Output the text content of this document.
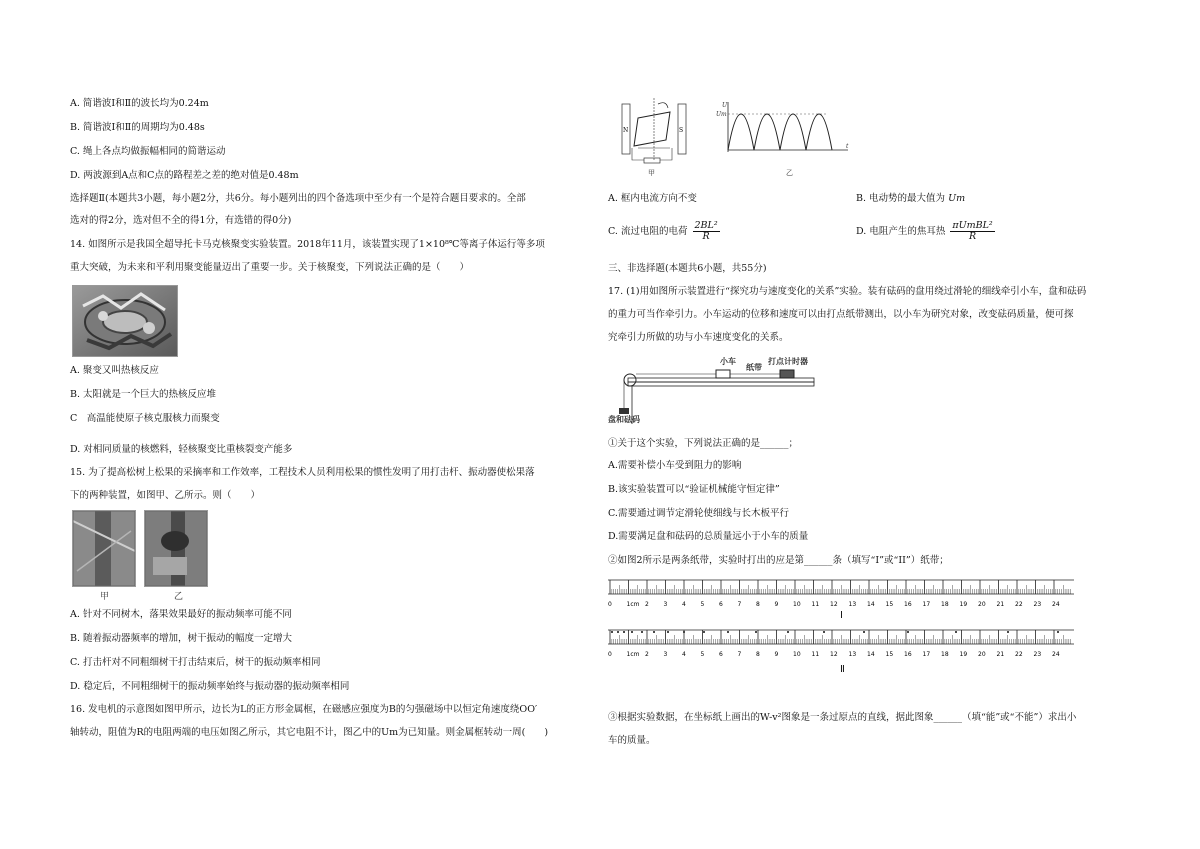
A. 简谐波Ⅰ和Ⅱ的波长均为0.24m
B. 简谐波Ⅰ和Ⅱ的周期均为0.48s
C. 绳上各点均做振幅相同的简谐运动
D. 两波源到A点和C点的路程差之差的绝对值是0.48m
选择题Ⅱ(本题共3小题，每小题2分，共6分。每小题列出的四个备选项中至少有一个是符合题目要求的。全部
选对的得2分，选对但不全的得1分，有选错的得0分)
14. 如图所示是我国全超导托卡马克核聚变实验装置。2018年11月，该装置实现了1×10⁸℃等离子体运行等多项
重大突破，为未来和平利用聚变能量迈出了重要一步。关于核聚变，下列说法正确的是（　　）
A. 聚变又叫热核反应
B. 太阳就是一个巨大的热核反应堆
C　高温能使原子核克服核力而聚变
D. 对相同质量的核燃料，轻核聚变比重核裂变产能多
15. 为了提高松树上松果的采摘率和工作效率，工程技术人员利用松果的惯性发明了用打击杆、振动器使松果落
下的两种装置，如图甲、乙所示。则（　　）
甲	乙
A. 针对不同树木，落果效果最好的振动频率可能不同
B. 随着振动器频率的增加，树干振动的幅度一定增大
C. 打击杆对不同粗细树干打击结束后，树干的振动频率相同
D. 稳定后，不同粗细树干的振动频率始终与振动器的振动频率相同
16. 发电机的示意图如图甲所示，边长为L的正方形金属框，在磁感应强度为B的匀强磁场中以恒定角速度绕OO′
轴转动，阻值为R的电阻两端的电压如图乙所示，其它电阻不计，图乙中的Um为已知量。则金属框转动一周(　　)
N	S
U
Um
t
甲	乙
A. 框内电流方向不变	B. 电动势的最大值为 Um
C. 流过电阻的电荷 $\frac{\text{2BL²}}{R}$	D. 电阻产生的焦耳热 $\frac{\text{πUmBL²}}{R}$
三、非选择题(本题共6小题，共55分)
17. (1)用如图所示装置进行“探究功与速度变化的关系”实验。装有砝码的盘用绕过滑轮的细线牵引小车，盘和砝码
的重力可当作牵引力。小车运动的位移和速度可以由打点纸带测出，以小车为研究对象，改变砝码质量，便可探
究牵引力所做的功与小车速度变化的关系。
小车
纸带
打点计时器
盘和砝码
①关于这个实验，下列说法正确的是______；
A.需要补偿小车受到阻力的影响
B.该实验装置可以“验证机械能守恒定律”
C.需要通过调节定滑轮使细线与长木板平行
D.需要满足盘和砝码的总质量远小于小车的质量
②如图2所示是两条纸带，实验时打出的应是第______条（填写“I”或“II”）纸带；
0 1cm 2 3 4 5 6 7 8 9 10 11 12 13 14 15 16 17 18 19 20 21 22 23 24
Ⅰ
0 1cm 2 3 4 5 6 7 8 9 10 11 12 13 14 15 16 17 18 19 20 21 22 23 24
Ⅱ
③根据实验数据，在坐标纸上画出的W-v²图象是一条过原点的直线，据此图象______（填“能”或“不能”）求出小
车的质量。
